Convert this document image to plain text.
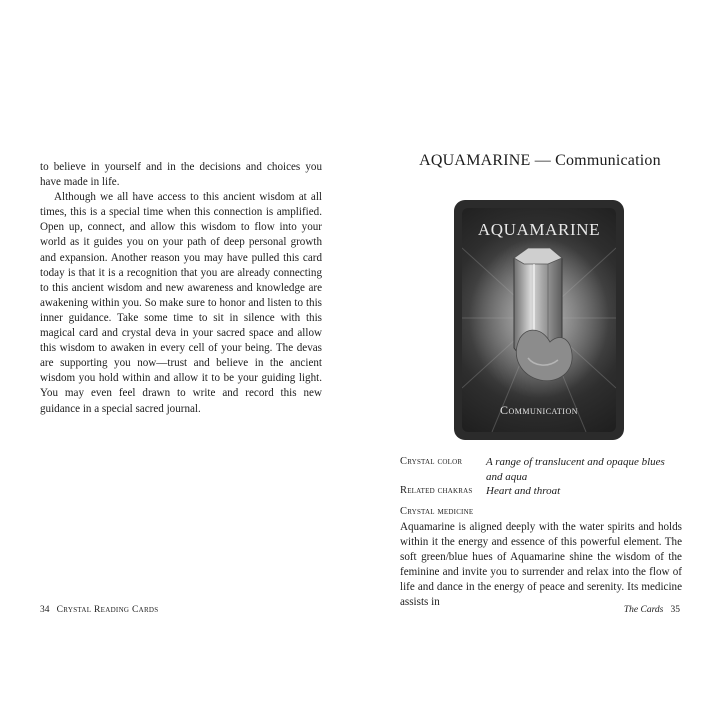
to believe in yourself and in the decisions and choices you have made in life.

Although we all have access to this ancient wisdom at all times, this is a special time when this connection is amplified. Open up, connect, and allow this wisdom to flow into your world as it guides you on your path of deep personal growth and expansion. Another reason you may have pulled this card today is that it is a recognition that you are already connecting to this ancient wisdom and new awareness and knowledge are awakening within you. So make sure to honor and listen to this inner guidance. Take some time to sit in silence with this magical card and crystal deva in your sacred space and allow this wisdom to awaken in every cell of your being. The devas are supporting you now—trust and believe in the ancient wisdom you hold within and allow it to be your guiding light. You may even feel drawn to write and record this new guidance in a special sacred journal.

34 Crystal Reading Cards
AQUAMARINE — Communication
AQUAMARINE
Communication
Crystal color A range of translucent and opaque blues and aqua
Related chakras Heart and throat
Crystal medicine

Aquamarine is aligned deeply with the water spirits and holds within it the energy and essence of this powerful element. The soft green/blue hues of Aquamarine shine the wisdom of the feminine and invite you to surrender and relax into the flow of life and dance in the energy of peace and serenity. Its medicine assists in

The Cards 35
